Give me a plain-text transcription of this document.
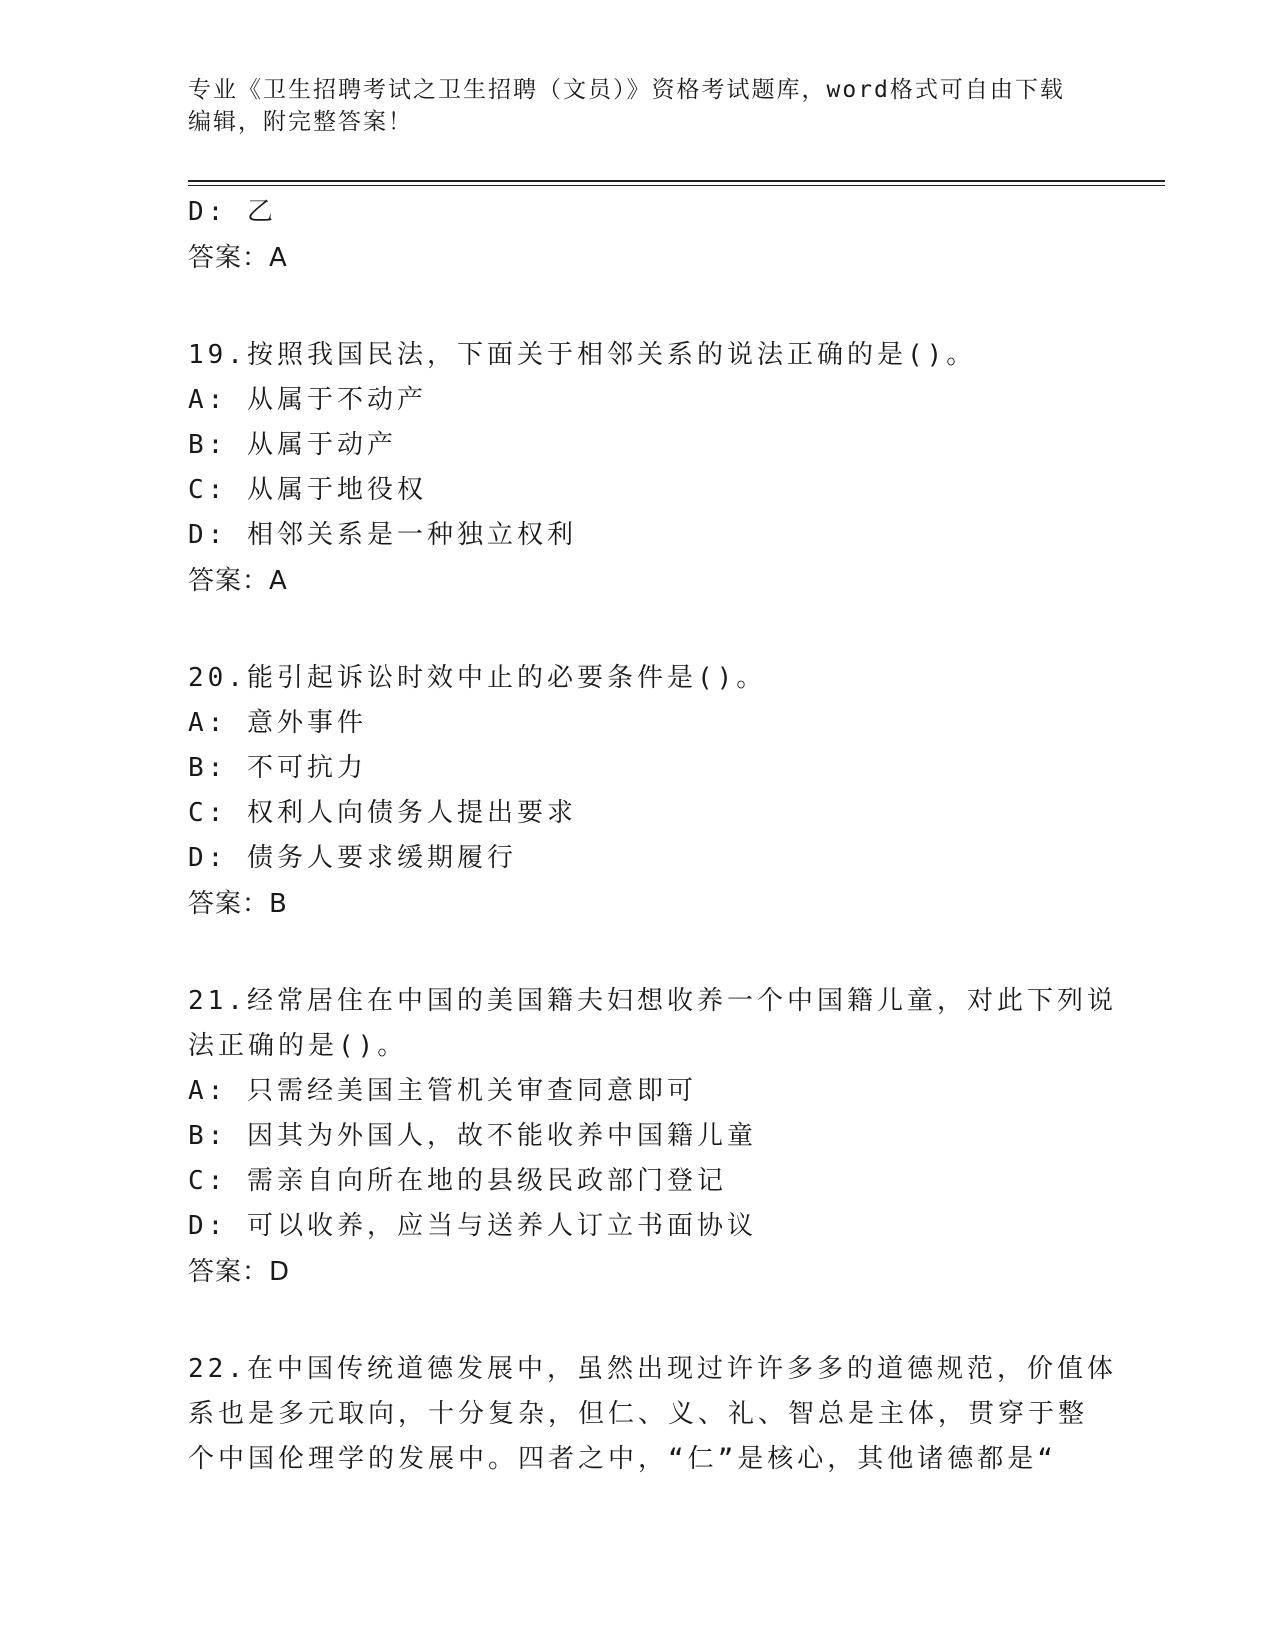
专业《卫生招聘考试之卫生招聘（文员）》资格考试题库，word格式可自由下载编辑，附完整答案！
D: 乙
答案：A
19.按照我国民法，下面关于相邻关系的说法正确的是()。
A: 从属于不动产
B: 从属于动产
C: 从属于地役权
D: 相邻关系是一种独立权利
答案：A
20.能引起诉讼时效中止的必要条件是()。
A: 意外事件
B: 不可抗力
C: 权利人向债务人提出要求
D: 债务人要求缓期履行
答案：B
21.经常居住在中国的美国籍夫妇想收养一个中国籍儿童，对此下列说
法正确的是()。
A: 只需经美国主管机关审查同意即可
B: 因其为外国人，故不能收养中国籍儿童
C: 需亲自向所在地的县级民政部门登记
D: 可以收养，应当与送养人订立书面协议
答案：D
22.在中国传统道德发展中，虽然出现过许许多多的道德规范，价值体
系也是多元取向，十分复杂，但仁、义、礼、智总是主体，贯穿于整
个中国伦理学的发展中。四者之中，“仁”是核心，其他诸德都是“
